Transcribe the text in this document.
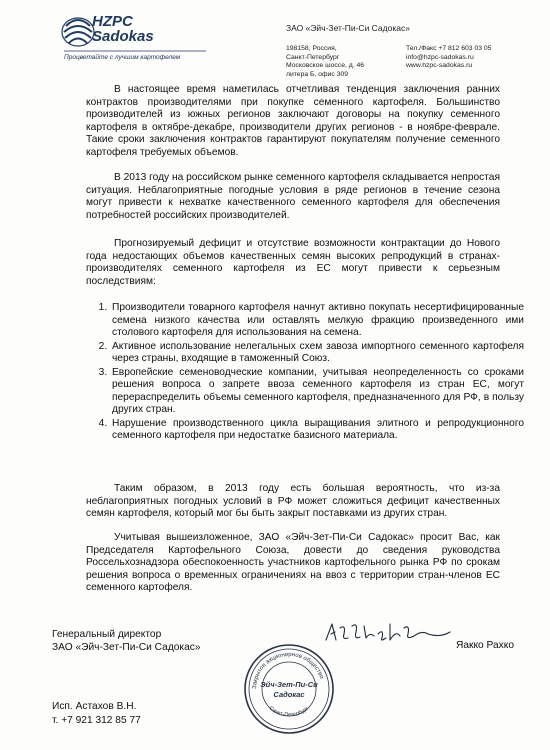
HZPC
Sadokas
Процветайте с лучшим картофелем
ЗАО «Эйч-Зет-Пи-Си Садокас»
198158, Россия,
Санкт-Петербург
Московское шоссе, д. 46
литера Б, офис 309
Тел./Факс +7 812 603 03 05
info@hzpc-sadokas.ru
www.hzpc-sadokas.ru

В настоящее время наметилась отчетливая тенденция заключения ранних контрактов производителями при покупке семенного картофеля. Большинство производителей из южных регионов заключают договоры на покупку семенного картофеля в октябре-декабре, производители других регионов - в ноябре-феврале. Такие сроки заключения контрактов гарантируют покупателям получение семенного картофеля требуемых объемов.

В 2013 году на российском рынке семенного картофеля складывается непростая ситуация. Неблагоприятные погодные условия в ряде регионов в течение сезона могут привести к нехватке качественного семенного картофеля для обеспечения потребностей российских производителей.

Прогнозируемый дефицит и отсутствие возможности контрактации до Нового года недостающих объемов качественных семян высоких репродукций в странах-производителях семенного картофеля из ЕС могут привести к серьезным последствиям:

1. Производители товарного картофеля начнут активно покупать несертифицированные семена низкого качества или оставлять мелкую фракцию произведенного ими столового картофеля для использования на семена.
2. Активное использование нелегальных схем завоза импортного семенного картофеля через страны, входящие в таможенный Союз.
3. Европейские семеноводческие компании, учитывая неопределенность со сроками решения вопроса о запрете ввоза семенного картофеля из стран ЕС, могут перераспределить объемы семенного картофеля, предназначенного для РФ, в пользу других стран.
4. Нарушение производственного цикла выращивания элитного и репродукционного семенного картофеля при недостатке базисного материала.

Таким образом, в 2013 году есть большая вероятность, что из-за неблагоприятных погодных условий в РФ может сложиться дефицит качественных семян картофеля, который мог бы быть закрыт поставками из других стран.

Учитывая вышеизложенное, ЗАО «Эйч-Зет-Пи-Си Садокас» просит Вас, как Председателя Картофельного Союза, довести до сведения руководства Россельхознадзора обеспокоенность участников картофельного рынка РФ по срокам решения вопроса о временных ограничениях на ввоз с территории стран-членов ЕС семенного картофеля.

Генеральный директор
ЗАО «Эйч-Зет-Пи-Си Садокас»	Яакко Рахко
Закрытое акционерное общество
Эйч-Зет-Пи-Си
Садокас
Санкт-Петербург
Исп. Астахов В.Н.
т. +7 921 312 85 77
